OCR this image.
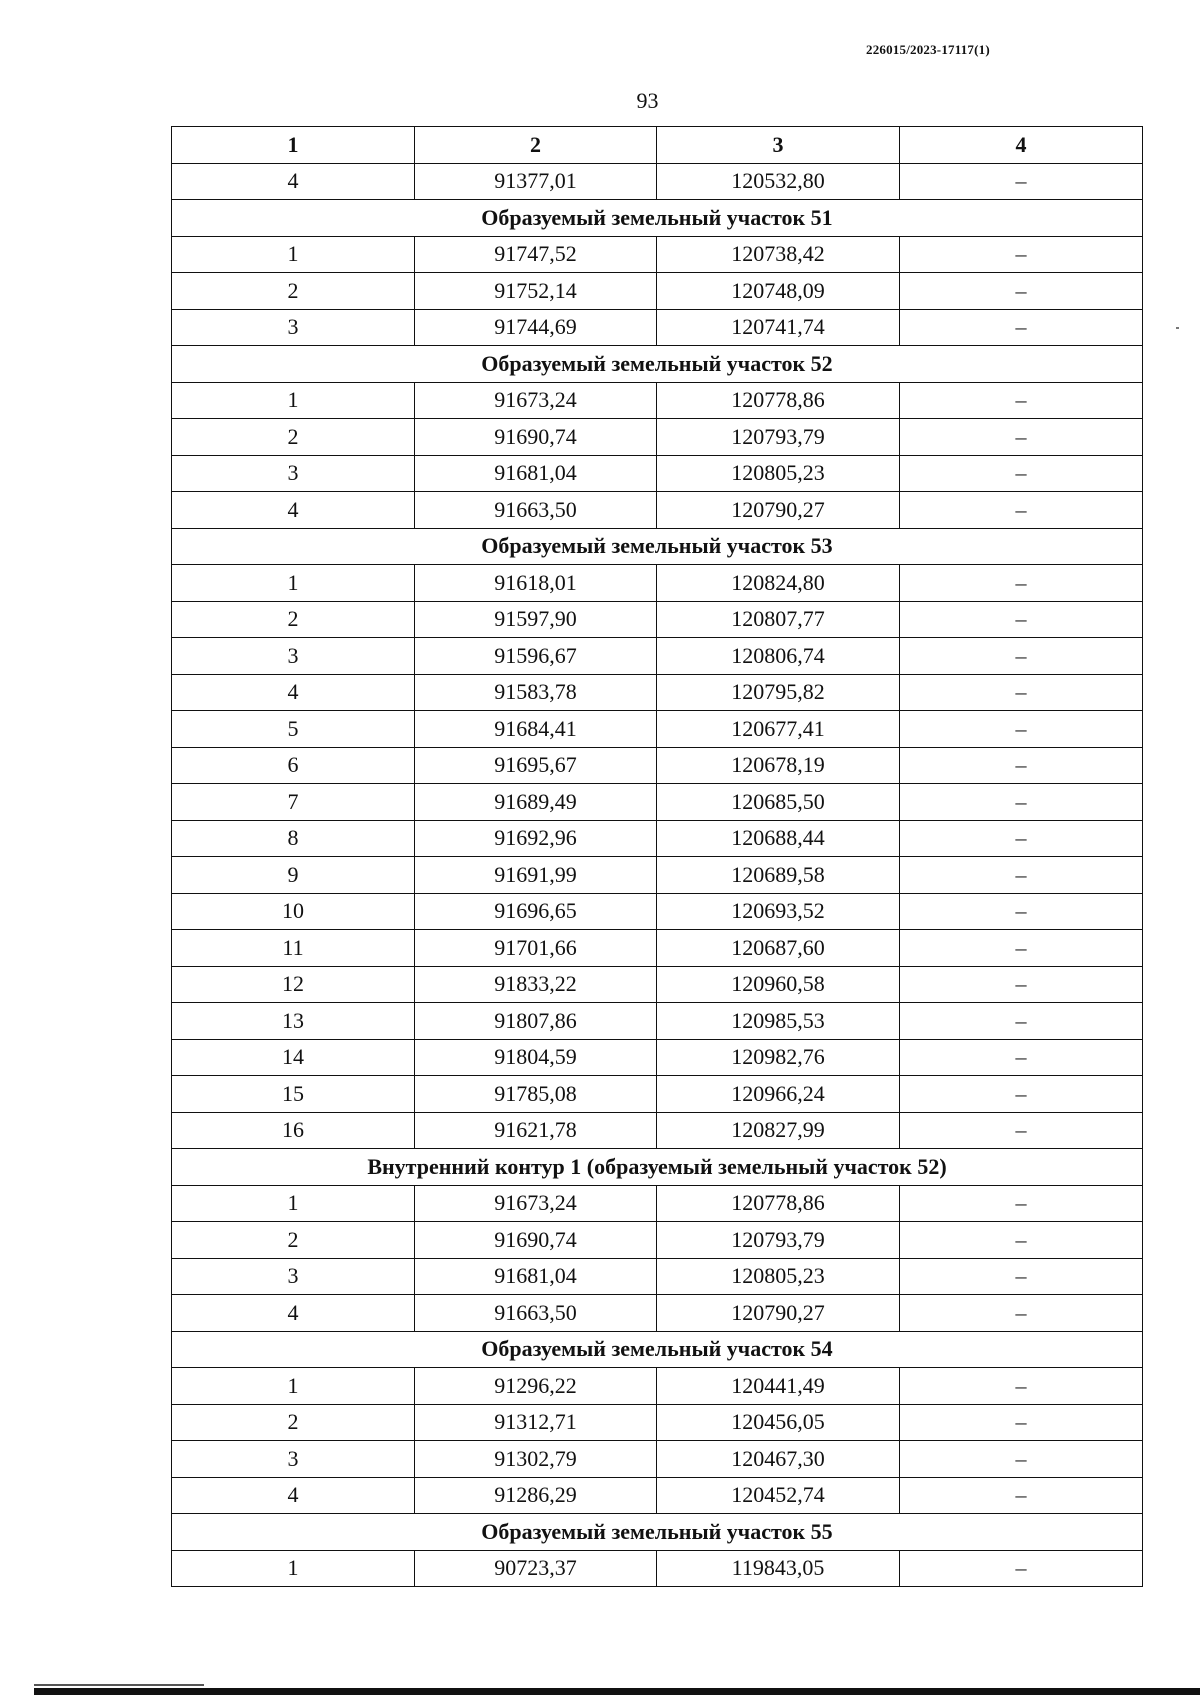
226015/2023-17117(1)
93
1	2	3	4
4	91377,01	120532,80	–
Образуемый земельный участок 51			
1	91747,52	120738,42	–
2	91752,14	120748,09	–
3	91744,69	120741,74	–
Образуемый земельный участок 52			
1	91673,24	120778,86	–
2	91690,74	120793,79	–
3	91681,04	120805,23	–
4	91663,50	120790,27	–
Образуемый земельный участок 53			
1	91618,01	120824,80	–
2	91597,90	120807,77	–
3	91596,67	120806,74	–
4	91583,78	120795,82	–
5	91684,41	120677,41	–
6	91695,67	120678,19	–
7	91689,49	120685,50	–
8	91692,96	120688,44	–
9	91691,99	120689,58	–
10	91696,65	120693,52	–
11	91701,66	120687,60	–
12	91833,22	120960,58	–
13	91807,86	120985,53	–
14	91804,59	120982,76	–
15	91785,08	120966,24	–
16	91621,78	120827,99	–
Внутренний контур 1 (образуемый земельный участок 52)			
1	91673,24	120778,86	–
2	91690,74	120793,79	–
3	91681,04	120805,23	–
4	91663,50	120790,27	–
Образуемый земельный участок 54			
1	91296,22	120441,49	–
2	91312,71	120456,05	–
3	91302,79	120467,30	–
4	91286,29	120452,74	–
Образуемый земельный участок 55			
1	90723,37	119843,05	–
